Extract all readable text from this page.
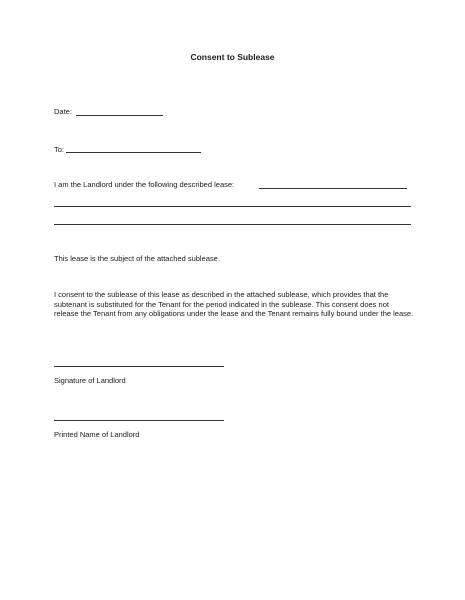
Consent to Sublease
Date:
To:
I am the Landlord under the following described lease:
This lease is the subject of the attached sublease.
I consent to the sublease of this lease as described in the attached sublease, which provides that the subtenant is substituted for the Tenant for the period indicated in the sublease. This consent does not release the Tenant from any obligations under the lease and the Tenant remains fully bound under the lease.
Signature of Landlord
Printed Name of Landlord
